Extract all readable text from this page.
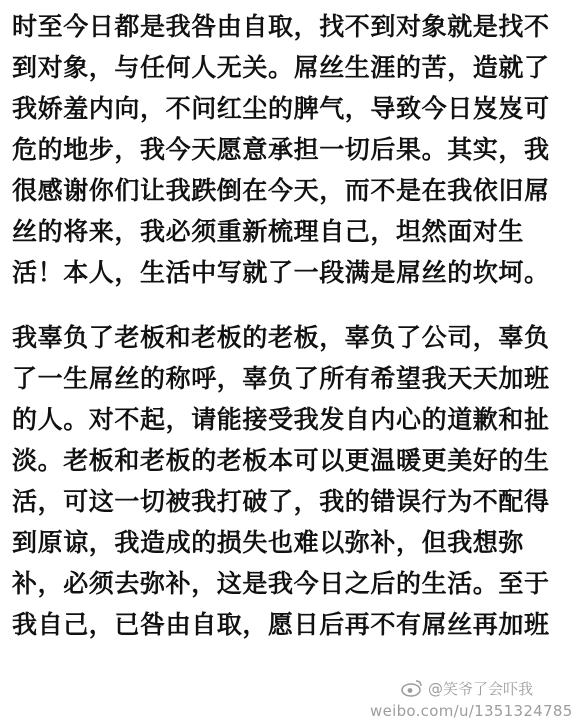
时至今日都是我咎由自取，找不到对象就是找不
到对象，与任何人无关。屌丝生涯的苦，造就了
我娇羞内向，不问红尘的脾气，导致今日岌岌可
危的地步，我今天愿意承担一切后果。其实，我
很感谢你们让我跌倒在今天，而不是在我依旧屌
丝的将来，我必须重新梳理自己，坦然面对生
活！本人，生活中写就了一段满是屌丝的坎坷。
我辜负了老板和老板的老板，辜负了公司，辜负
了一生屌丝的称呼，辜负了所有希望我天天加班
的人。对不起，请能接受我发自内心的道歉和扯
淡。老板和老板的老板本可以更温暖更美好的生
活，可这一切被我打破了，我的错误行为不配得
到原谅，我造成的损失也难以弥补，但我想弥
补，必须去弥补，这是我今日之后的生活。至于
我自己，已咎由自取，愿日后再不有屌丝再加班
@笑爷了会吓我
weibo.com/u/1351324785
